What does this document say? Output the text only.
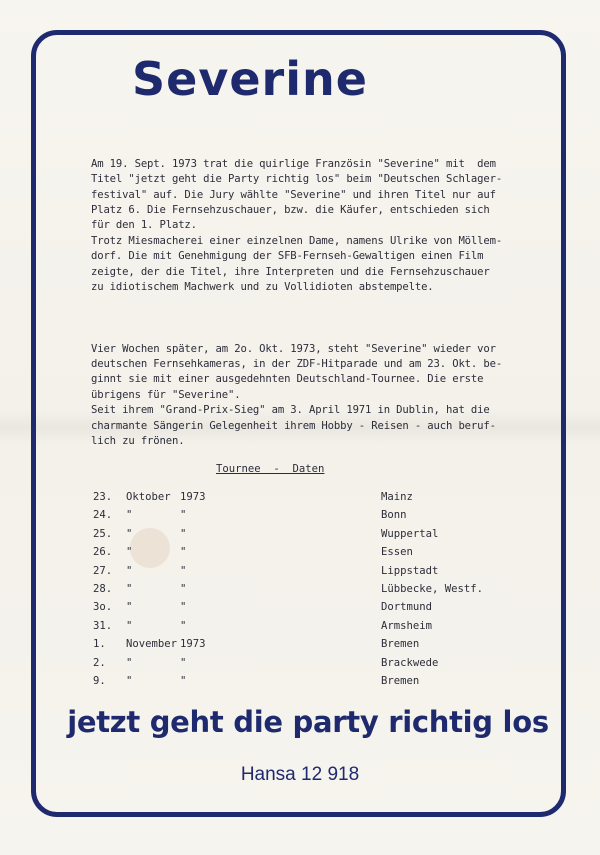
Severine

Am 19. Sept. 1973 trat die quirlige Französin "Severine" mit  dem
Titel "jetzt geht die Party richtig los" beim "Deutschen Schlager-
festival" auf. Die Jury wählte "Severine" und ihren Titel nur auf
Platz 6. Die Fernsehzuschauer, bzw. die Käufer, entschieden sich
für den 1. Platz.
Trotz Miesmacherei einer einzelnen Dame, namens Ulrike von Möllem-
dorf. Die mit Genehmigung der SFB-Fernseh-Gewaltigen einen Film
zeigte, der die Titel, ihre Interpreten und die Fernsehzuschauer
zu idiotischem Machwerk und zu Vollidioten abstempelte.

Vier Wochen später, am 2o. Okt. 1973, steht "Severine" wieder vor
deutschen Fernsehkameras, in der ZDF-Hitparade und am 23. Okt. be-
ginnt sie mit einer ausgedehnten Deutschland-Tournee. Die erste
übrigens für "Severine".
Seit ihrem "Grand-Prix-Sieg" am 3. April 1971 in Dublin, hat die
charmante Sängerin Gelegenheit ihrem Hobby - Reisen - auch beruf-
lich zu frönen.

Tournee  -  Daten
23.	Oktober 1973	Mainz
24.	"	"	Bonn
25.	"	"	Wuppertal
26.	"	"	Essen
27.	"	"	Lippstadt
28.	"	"	Lübbecke, Westf.
3o.	"	"	Dortmund
31.	"	"	Armsheim
1.	November 1973	Bremen
2.	"	"	Brackwede
9.	"	"	Bremen
jetzt geht die party richtig los
Hansa 12 918
